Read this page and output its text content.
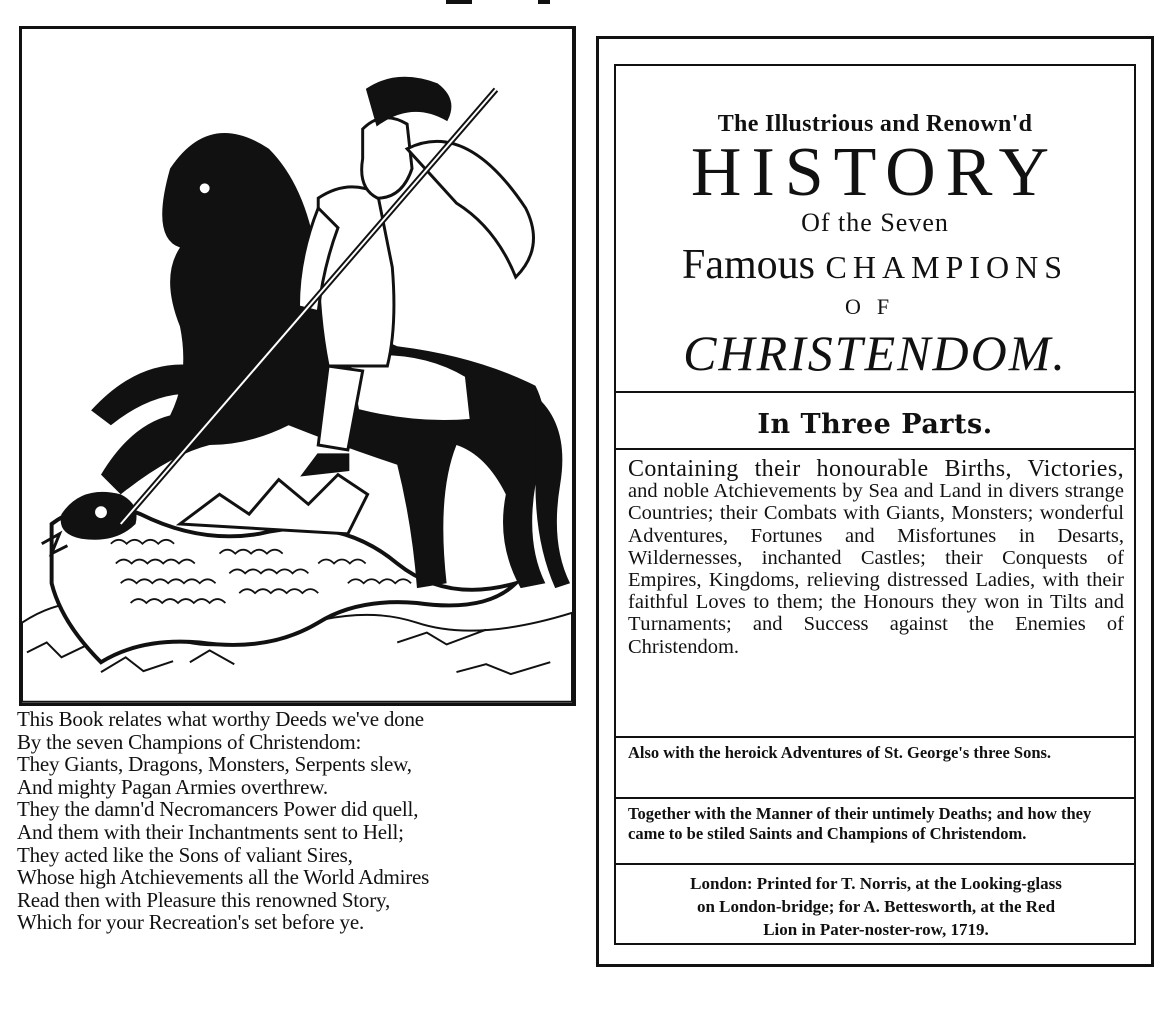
This Book relates what worthy Deeds we've done
By the seven Champions of Christendom:
They Giants, Dragons, Monsters, Serpents slew,
And mighty Pagan Armies overthrew.
They the damn'd Necromancers Power did quell,
And them with their Inchantments sent to Hell;
They acted like the Sons of valiant Sires,
Whose high Atchievements all the World Admires
Read then with Pleasure this renowned Story,
Which for your Recreation's set before ye.
The Illustrious and Renown'd
HISTORY
Of the Seven
Famous CHAMPIONS
OF
CHRISTENDOM.
In Three Parts.
Containing their honourable Births, Victories, and noble Atchievements by Sea and Land in divers strange Countries; their Combats with Giants, Monsters; wonderful Adventures, Fortunes and Misfortunes in Desarts, Wildernesses, inchanted Castles; their Conquests of Empires, Kingdoms, relieving distressed Ladies, with their faithful Loves to them; the Honours they won in Tilts and Turnaments; and Success against the Enemies of Christendom.
Also with the heroick Adventures of St. George's three Sons.
Together with the Manner of their untimely Deaths; and how they came to be stiled Saints and Champions of Christendom.
London: Printed for T. Norris, at the Looking-glass
on London-bridge; for A. Bettesworth, at the Red
Lion in Pater-noster-row, 1719.
